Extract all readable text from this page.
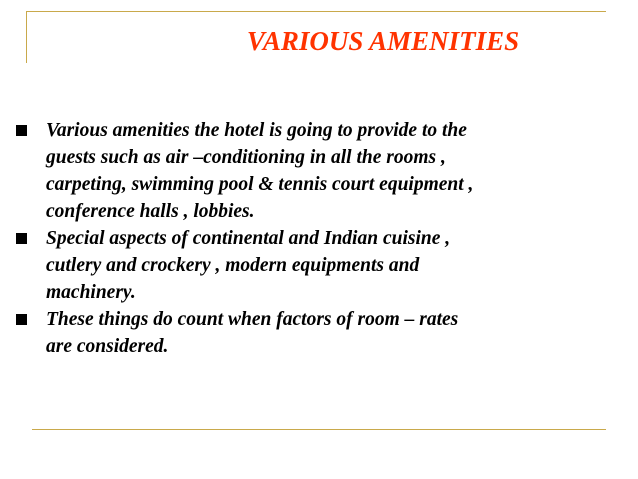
VARIOUS AMENITIES
Various amenities the hotel is going to provide to the
guests such as air –conditioning in all the rooms ,
carpeting, swimming pool & tennis court equipment ,
conference halls , lobbies.
Special aspects of continental and Indian cuisine ,
cutlery and crockery , modern equipments and
machinery.
These things do count when factors of room – rates
are considered.
